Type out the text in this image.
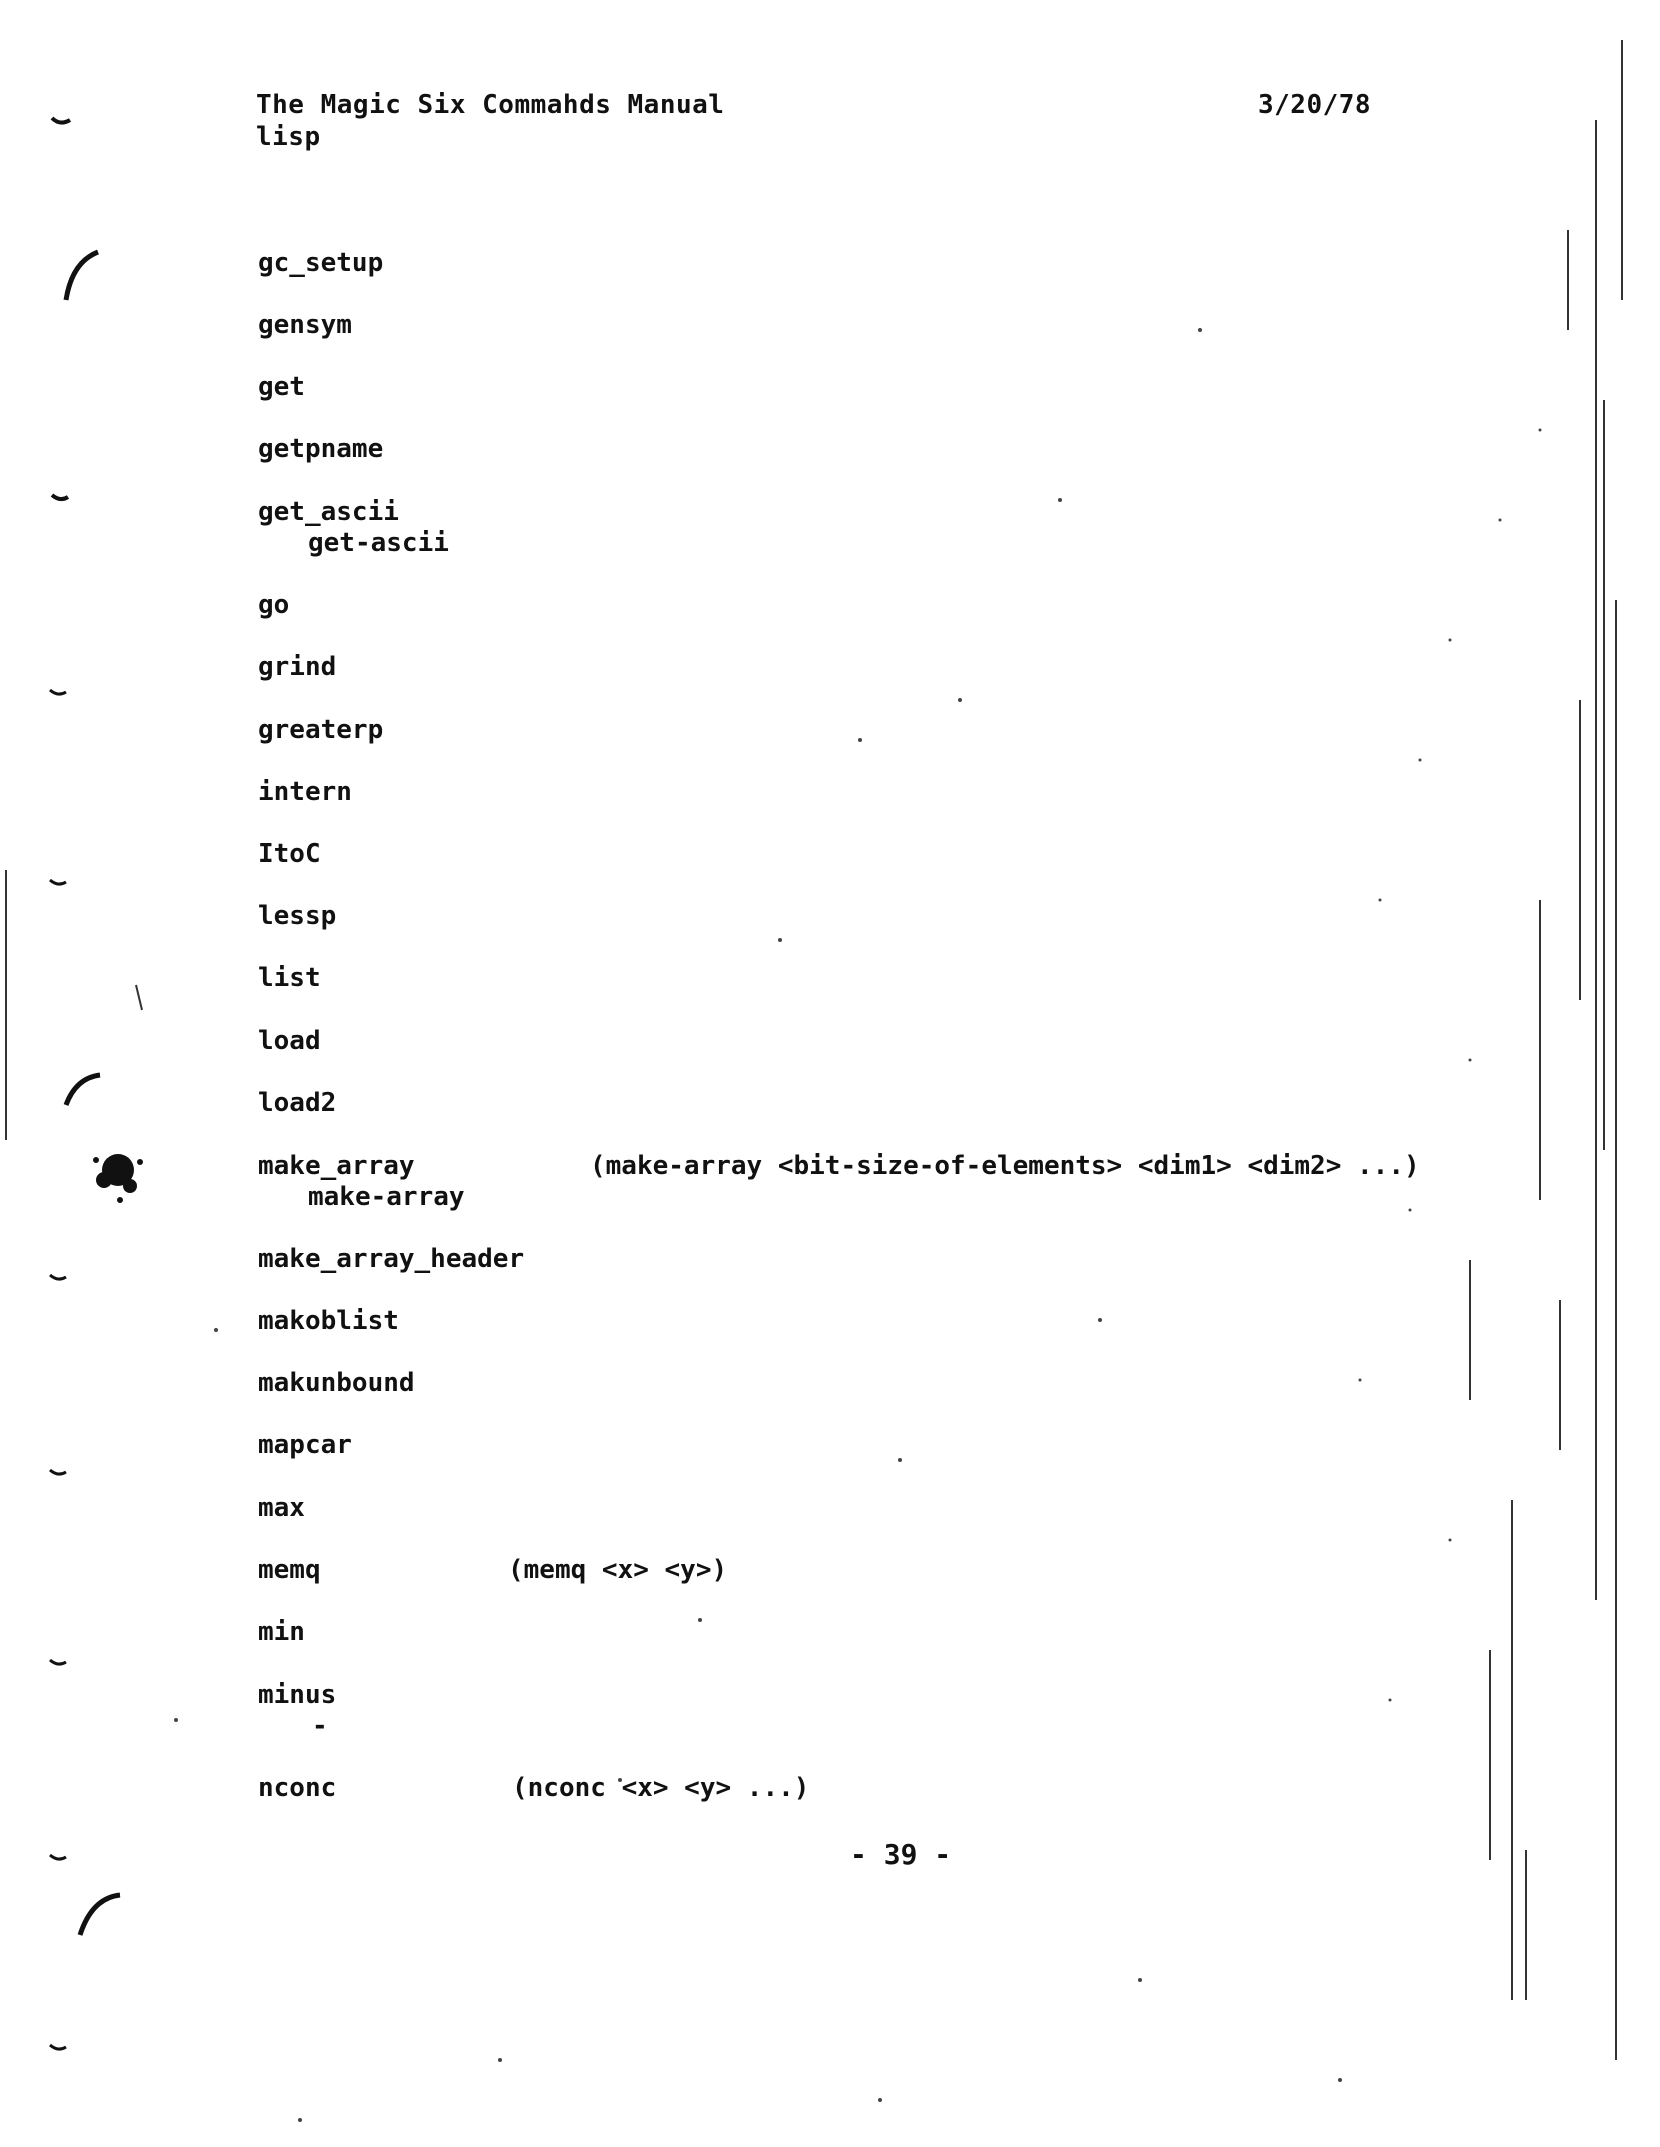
The Magic Six Commahds Manual
lisp
3/20/78
gc_setup
gensym
get
getpname
get_ascii
get-ascii
go
grind
greaterp
intern
ItoC
lessp
list
load
load2
make_array
make-array
(make-array <bit-size-of-elements> <dim1> <dim2> ...)
make_array_header
makoblist
makunbound
mapcar
max
memq	(memq <x> <y>)
min
minus
-
nconc	(nconc <x> <y> ...)
- 39 -
